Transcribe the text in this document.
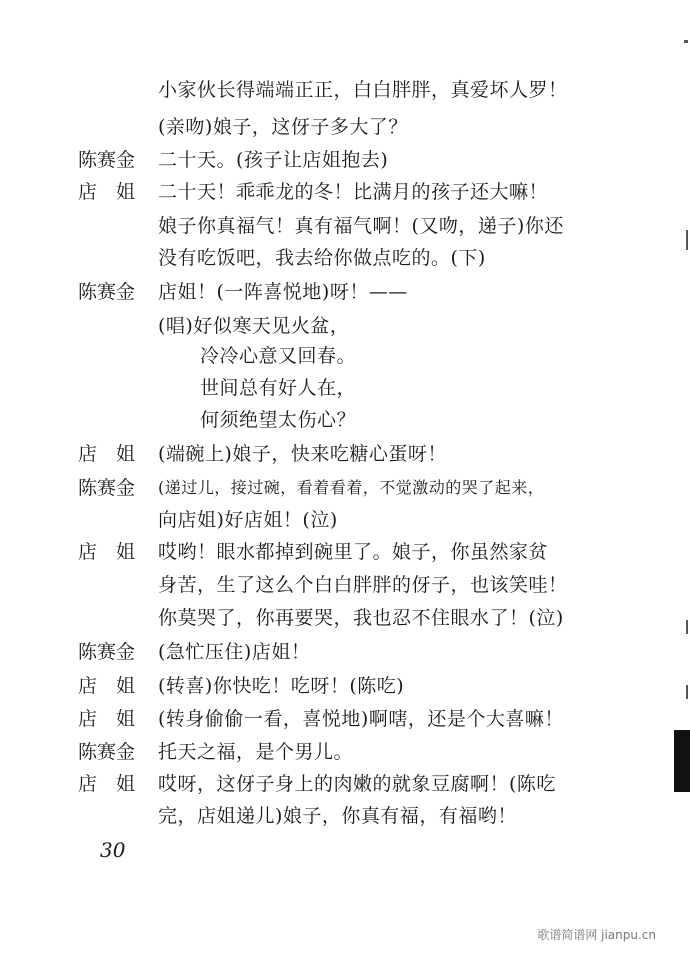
小家伙长得端端正正，白白胖胖，真爱坏人罗！
(亲吻)娘子，这伢子多大了？
陈赛金 二十天。(孩子让店姐抱去)
店　姐 二十天！乖乖龙的冬！比满月的孩子还大嘛！
娘子你真福气！真有福气啊！(又吻，递子)你还
没有吃饭吧，我去给你做点吃的。(下)
陈赛金 店姐！(一阵喜悦地)呀！——
(唱)好似寒天见火盆，
冷冷心意又回春。
世间总有好人在，
何须绝望太伤心？
店　姐 (端碗上)娘子，快来吃糖心蛋呀！
陈赛金 (递过儿，接过碗，看着看着，不觉激动的哭了起来，
向店姐)好店姐！(泣)
店　姐 哎哟！眼水都掉到碗里了。娘子，你虽然家贫
身苦，生了这么个白白胖胖的伢子，也该笑哇！
你莫哭了，你再要哭，我也忍不住眼水了！(泣)
陈赛金 (急忙压住)店姐！
店　姐 (转喜)你快吃！吃呀！(陈吃)
店　姐 (转身偷偷一看，喜悦地)啊嗐，还是个大喜嘛！
陈赛金 托天之福，是个男儿。
店　姐 哎呀，这伢子身上的肉嫩的就象豆腐啊！(陈吃
完，店姐递儿)娘子，你真有福，有福哟！
30
歌谱简谱网 jianpu.cn
